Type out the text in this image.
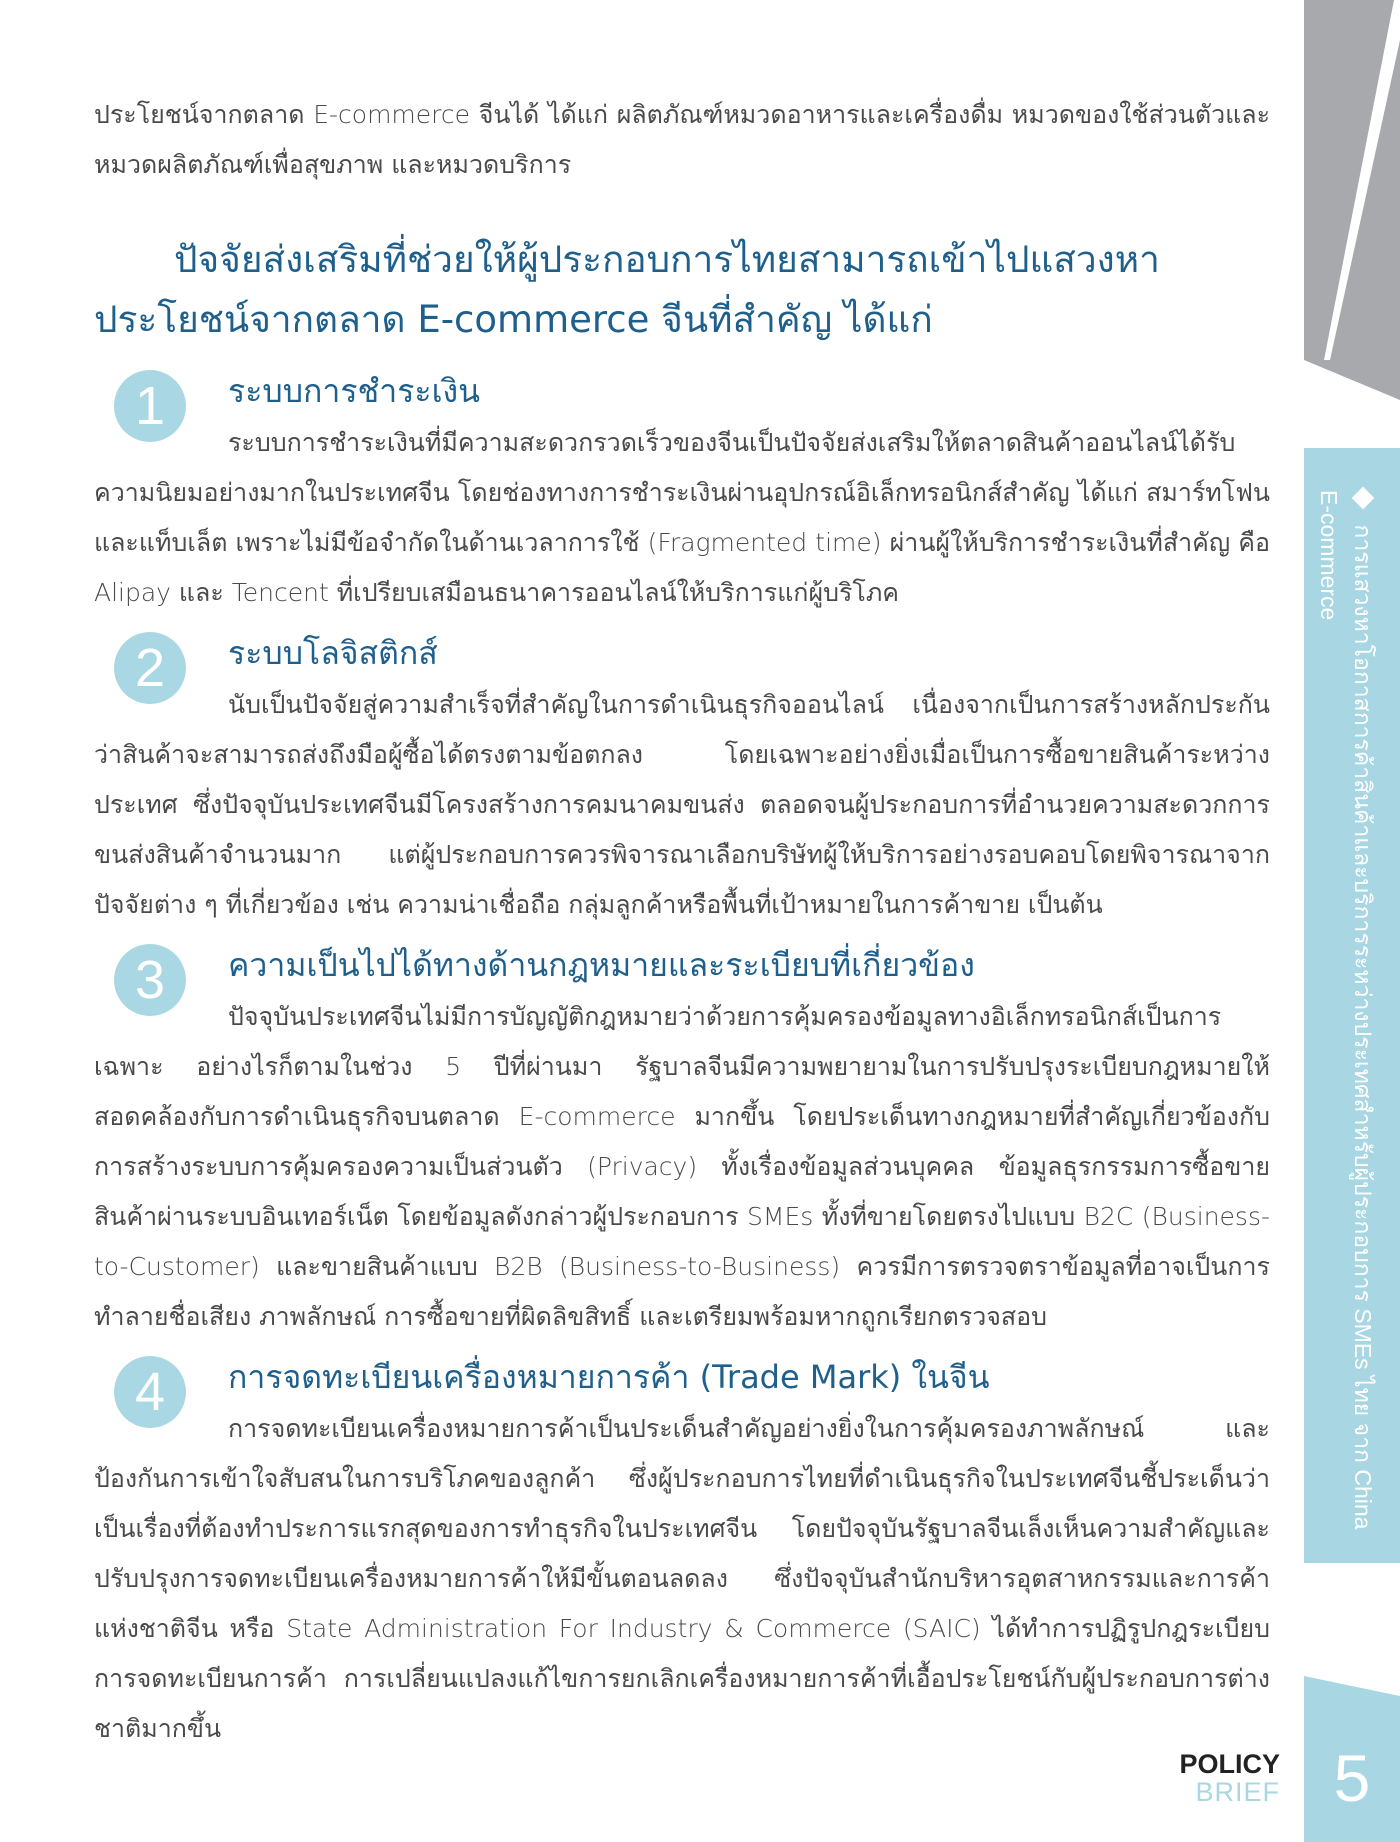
การแสวงหาโอกาสการค้าสินค้าและบริการระหว่างประเทศสำหรับผู้ประกอบการ SMEs ไทย จาก China E-commerce
5
POLICY
BRIEF

ประโยชน์จากตลาด E-commerce จีนได้ ได้แก่ ผลิตภัณฑ์หมวดอาหารและเครื่องดื่ม หมวดของใช้ส่วนตัวและหมวดผลิตภัณฑ์เพื่อสุขภาพ และหมวดบริการ

ปัจจัยส่งเสริมที่ช่วยให้ผู้ประกอบการไทยสามารถเข้าไปแสวงหาประโยชน์จากตลาด E-commerce จีนที่สำคัญ ได้แก่
1	ระบบการชำระเงิน

ระบบการชำระเงินที่มีความสะดวกรวดเร็วของจีนเป็นปัจจัยส่งเสริมให้ตลาดสินค้าออนไลน์ได้รับความนิยมอย่างมากในประเทศจีน โดยช่องทางการชำระเงินผ่านอุปกรณ์อิเล็กทรอนิกส์สำคัญ ได้แก่ สมาร์ทโฟนและแท็บเล็ต เพราะไม่มีข้อจำกัดในด้านเวลาการใช้ (Fragmented time) ผ่านผู้ให้บริการชำระเงินที่สำคัญ คือ Alipay และ Tencent ที่เปรียบเสมือนธนาคารออนไลน์ให้บริการแก่ผู้บริโภค

2	ระบบโลจิสติกส์

นับเป็นปัจจัยสู่ความสำเร็จที่สำคัญในการดำเนินธุรกิจออนไลน์ เนื่องจากเป็นการสร้างหลักประกันว่าสินค้าจะสามารถส่งถึงมือผู้ซื้อได้ตรงตามข้อตกลง โดยเฉพาะอย่างยิ่งเมื่อเป็นการซื้อขายสินค้าระหว่างประเทศ ซึ่งปัจจุบันประเทศจีนมีโครงสร้างการคมนาคมขนส่ง ตลอดจนผู้ประกอบการที่อำนวยความสะดวกการขนส่งสินค้าจำนวนมาก แต่ผู้ประกอบการควรพิจารณาเลือกบริษัทผู้ให้บริการอย่างรอบคอบโดยพิจารณาจากปัจจัยต่าง ๆ ที่เกี่ยวข้อง เช่น ความน่าเชื่อถือ กลุ่มลูกค้าหรือพื้นที่เป้าหมายในการค้าขาย เป็นต้น

3	ความเป็นไปได้ทางด้านกฎหมายและระเบียบที่เกี่ยวข้อง

ปัจจุบันประเทศจีนไม่มีการบัญญัติกฎหมายว่าด้วยการคุ้มครองข้อมูลทางอิเล็กทรอนิกส์เป็นการเฉพาะ อย่างไรก็ตามในช่วง 5 ปีที่ผ่านมา รัฐบาลจีนมีความพยายามในการปรับปรุงระเบียบกฎหมายให้สอดคล้องกับการดำเนินธุรกิจบนตลาด E-commerce มากขึ้น โดยประเด็นทางกฎหมายที่สำคัญเกี่ยวข้องกับการสร้างระบบการคุ้มครองความเป็นส่วนตัว (Privacy) ทั้งเรื่องข้อมูลส่วนบุคคล ข้อมูลธุรกรรมการซื้อขายสินค้าผ่านระบบอินเทอร์เน็ต โดยข้อมูลดังกล่าวผู้ประกอบการ SMEs ทั้งที่ขายโดยตรงไปแบบ B2C (Business-to-Customer) และขายสินค้าแบบ B2B (Business-to-Business) ควรมีการตรวจตราข้อมูลที่อาจเป็นการทำลายชื่อเสียง ภาพลักษณ์ การซื้อขายที่ผิดลิขสิทธิ์ และเตรียมพร้อมหากถูกเรียกตรวจสอบ

4	การจดทะเบียนเครื่องหมายการค้า (Trade Mark) ในจีน

การจดทะเบียนเครื่องหมายการค้าเป็นประเด็นสำคัญอย่างยิ่งในการคุ้มครองภาพลักษณ์ และป้องกันการเข้าใจสับสนในการบริโภคของลูกค้า ซึ่งผู้ประกอบการไทยที่ดำเนินธุรกิจในประเทศจีนชี้ประเด็นว่าเป็นเรื่องที่ต้องทำประการแรกสุดของการทำธุรกิจในประเทศจีน โดยปัจจุบันรัฐบาลจีนเล็งเห็นความสำคัญและปรับปรุงการจดทะเบียนเครื่องหมายการค้าให้มีขั้นตอนลดลง ซึ่งปัจจุบันสำนักบริหารอุตสาหกรรมและการค้าแห่งชาติจีน หรือ State Administration For Industry & Commerce (SAIC) ได้ทำการปฏิรูปกฎระเบียบการจดทะเบียนการค้า การเปลี่ยนแปลงแก้ไขการยกเลิกเครื่องหมายการค้าที่เอื้อประโยชน์กับผู้ประกอบการต่างชาติมากขึ้น
